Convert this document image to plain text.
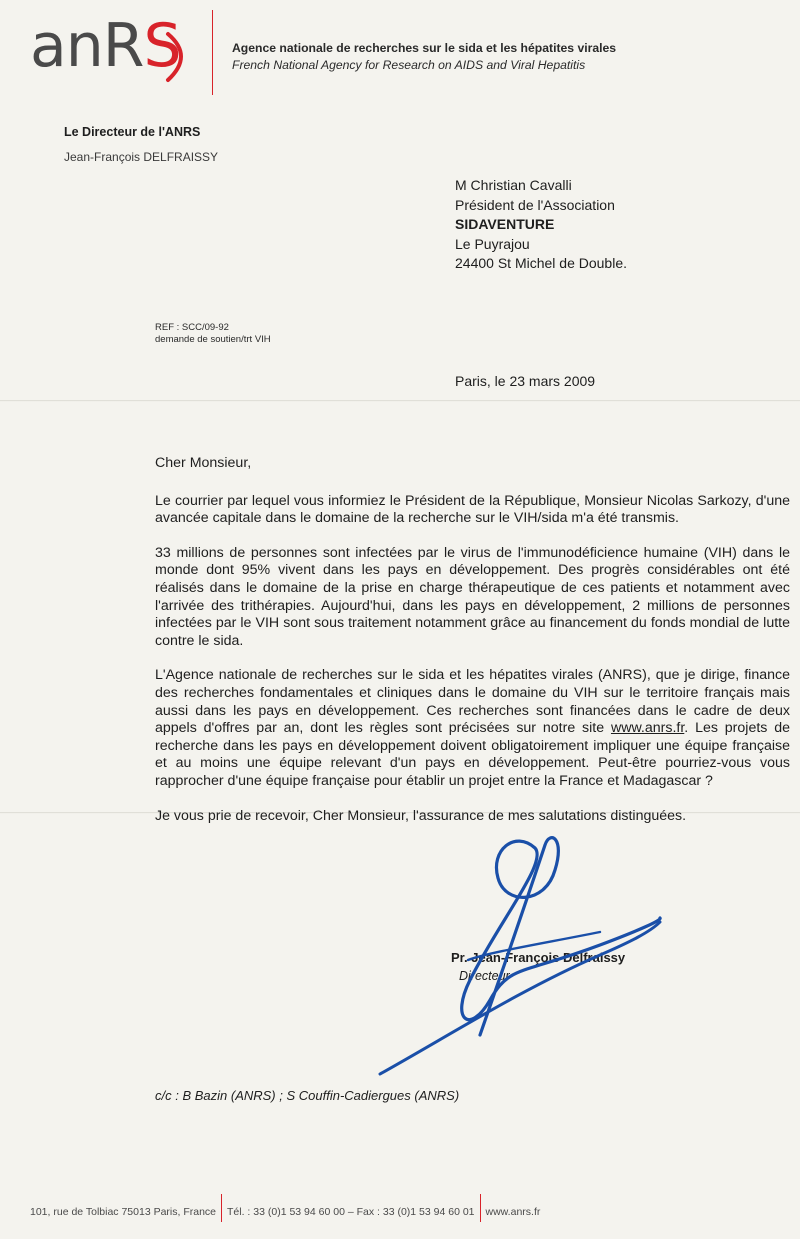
anRS	Agence nationale de recherches sur le sida et les hépatites virales
French National Agency for Research on AIDS and Viral Hepatitis
Le Directeur de l'ANRS
Jean-François DELFRAISSY
M Christian Cavalli
Président de l'Association
SIDAVENTURE
Le Puyrajou
24400 St Michel de Double.
REF : SCC/09-92
demande de soutien/trt VIH
Paris, le 23 mars 2009

Cher Monsieur,

Le courrier par lequel vous informiez le Président de la République, Monsieur Nicolas Sarkozy, d'une avancée capitale dans le domaine de la recherche sur le VIH/sida m'a été transmis.

33 millions de personnes sont infectées par le virus de l'immunodéficience humaine (VIH) dans le monde dont 95% vivent dans les pays en développement. Des progrès considérables ont été réalisés dans le domaine de la prise en charge thérapeutique de ces patients et notamment avec l'arrivée des trithérapies. Aujourd'hui, dans les pays en développement, 2 millions de personnes infectées par le VIH sont sous traitement notamment grâce au financement du fonds mondial de lutte contre le sida.

L'Agence nationale de recherches sur le sida et les hépatites virales (ANRS), que je dirige, finance des recherches fondamentales et cliniques dans le domaine du VIH sur le territoire français mais aussi dans les pays en développement. Ces recherches sont financées dans le cadre de deux appels d'offres par an, dont les règles sont précisées sur notre site www.anrs.fr. Les projets de recherche dans les pays en développement doivent obligatoirement impliquer une équipe française et au moins une équipe relevant d'un pays en développement. Peut-être pourriez-vous vous rapprocher d'une équipe française pour établir un projet entre la France et Madagascar ?

Je vous prie de recevoir, Cher Monsieur, l'assurance de mes salutations distinguées.

Pr. Jean-François Delfraissy
Directeur
c/c : B Bazin (ANRS) ; S Couffin-Cadiergues (ANRS)
101, rue de Tolbiac 75013 Paris, France Tél. : 33 (0)1 53 94 60 00 – Fax : 33 (0)1 53 94 60 01 www.anrs.fr
